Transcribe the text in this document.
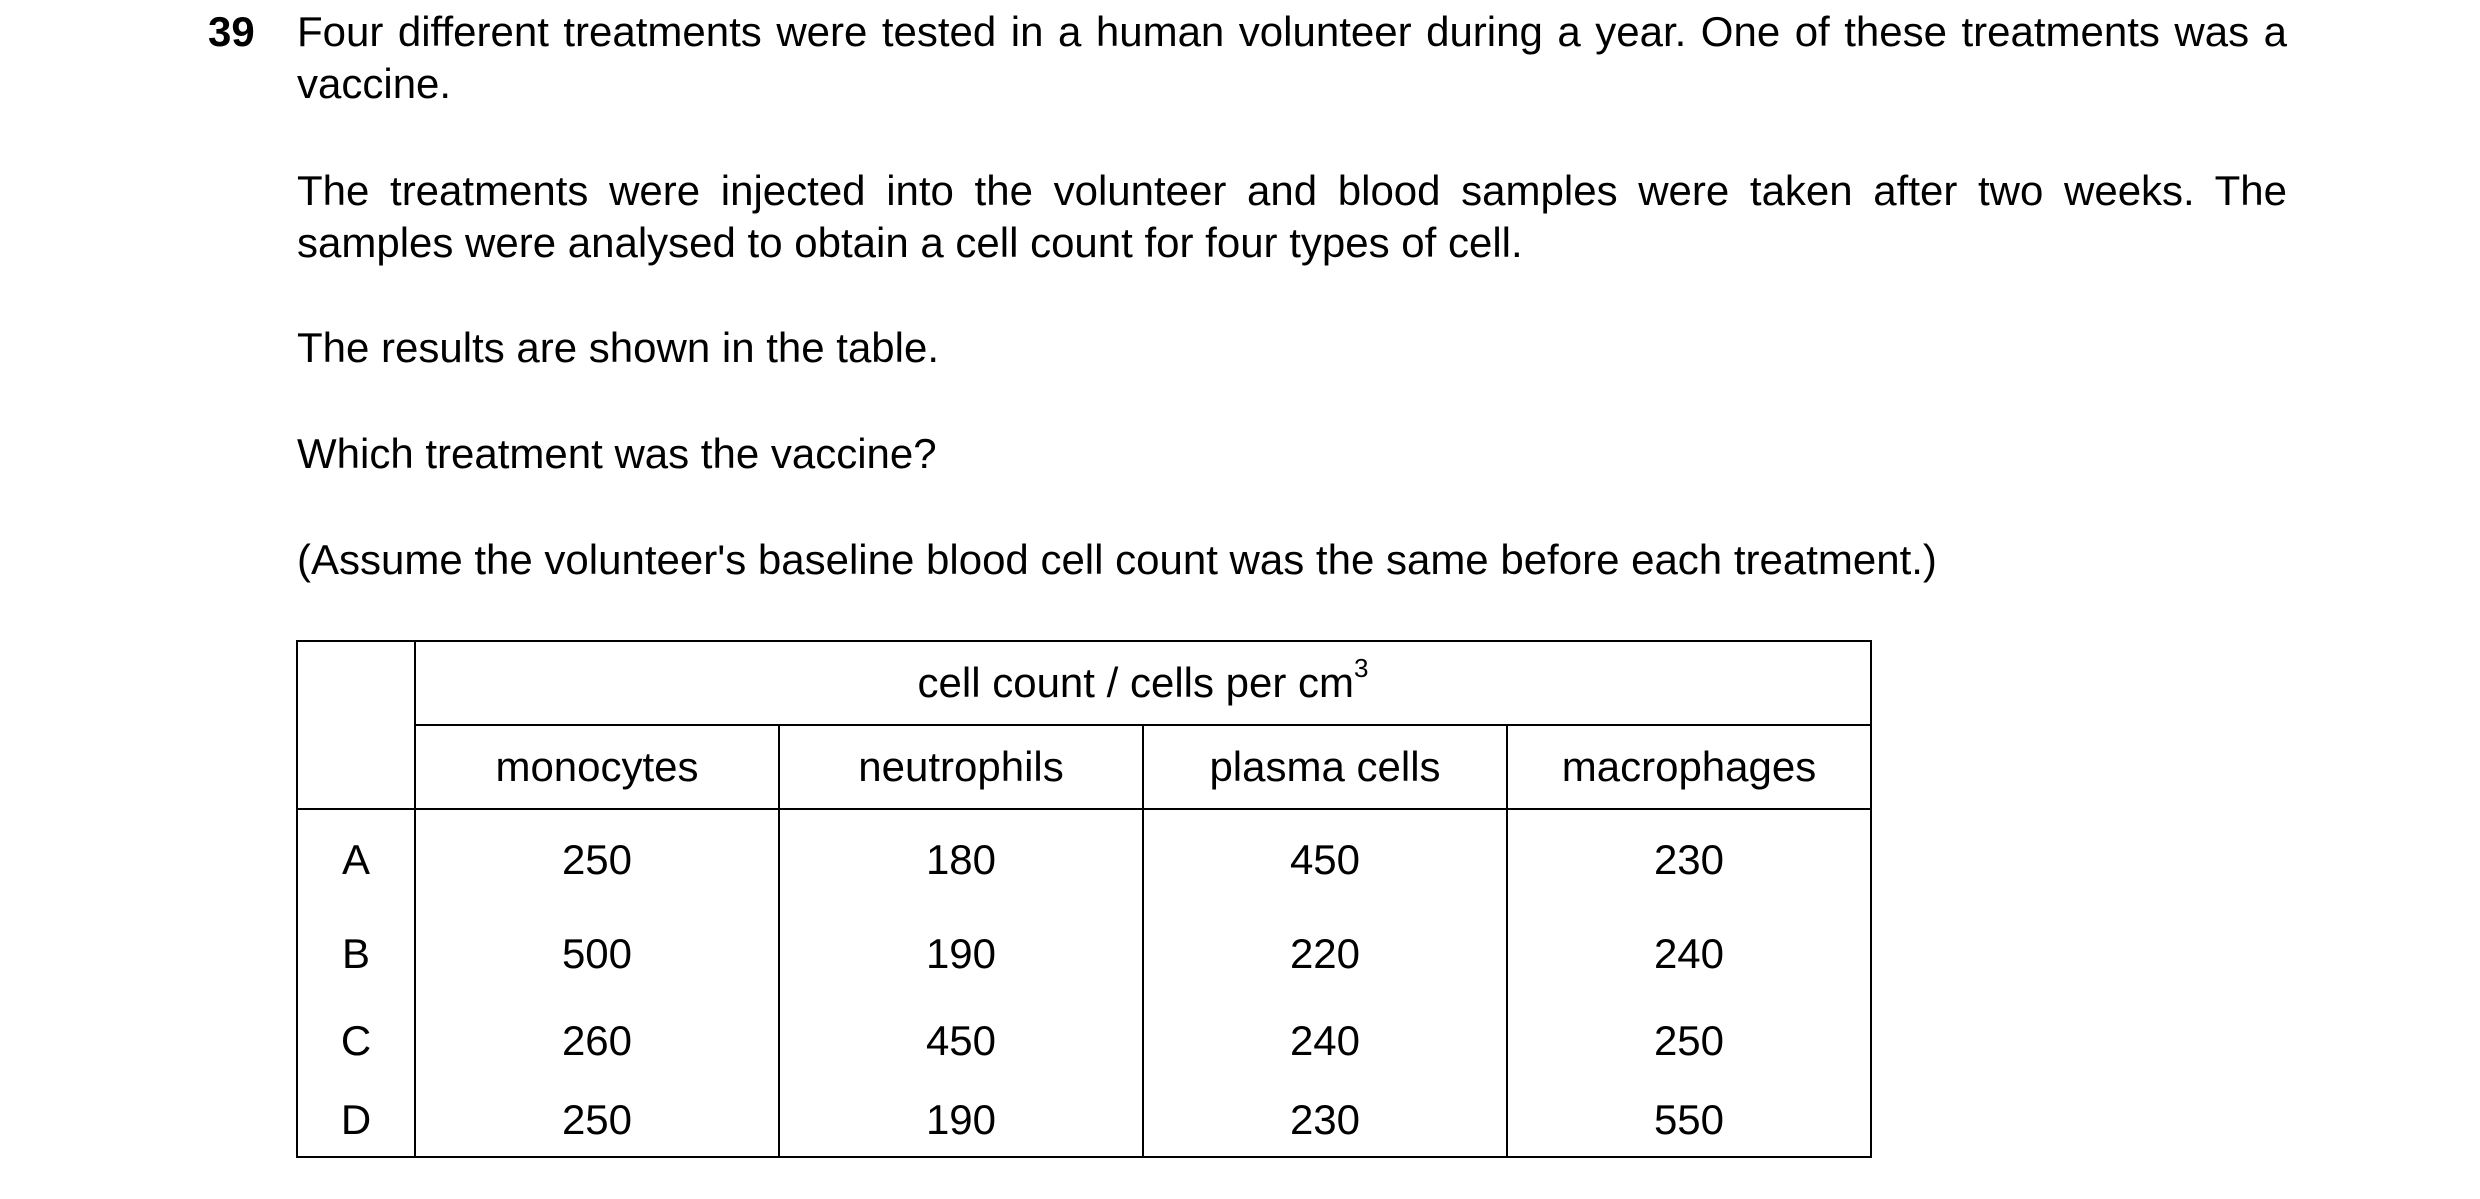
39 Four different treatments were tested in a human volunteer during a year. One of these treatments was a vaccine.
The treatments were injected into the volunteer and blood samples were taken after two weeks. The samples were analysed to obtain a cell count for four types of cell.
The results are shown in the table.
Which treatment was the vaccine?
(Assume the volunteer's baseline blood cell count was the same before each treatment.)
	cell count / cells per $cm^3$
	monocytes	neutrophils	plasma cells	macrophages
A	250	180	450	230
B	500	190	220	240
C	260	450	240	250
D	250	190	230	550
